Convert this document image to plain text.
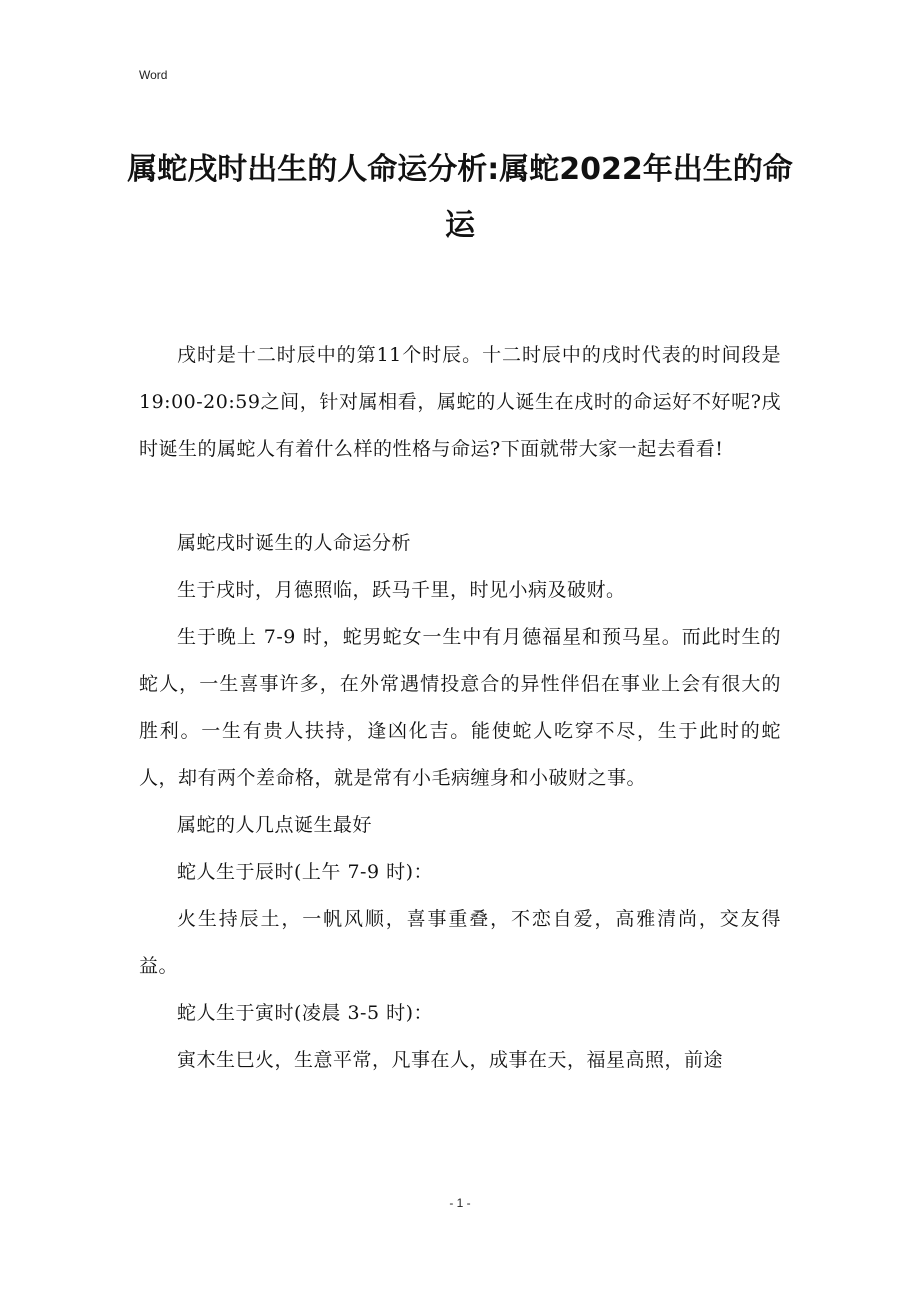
Word
属蛇戌时出生的人命运分析:属蛇2022年出生的命运

戌时是十二时辰中的第11个时辰。十二时辰中的戌时代表的时间段是19:00-20:59之间，针对属相看，属蛇的人诞生在戌时的命运好不好呢?戌时诞生的属蛇人有着什么样的性格与命运?下面就带大家一起去看看!

属蛇戌时诞生的人命运分析

生于戌时，月德照临，跃马千里，时见小病及破财。

生于晚上 7-9 时，蛇男蛇女一生中有月德福星和预马星。而此时生的蛇人，一生喜事许多，在外常遇情投意合的异性伴侣在事业上会有很大的胜利。一生有贵人扶持，逢凶化吉。能使蛇人吃穿不尽，生于此时的蛇人，却有两个差命格，就是常有小毛病缠身和小破财之事。

属蛇的人几点诞生最好

蛇人生于辰时(上午 7-9 时)：

火生持辰土，一帆风顺，喜事重叠，不恋自爱，高雅清尚，交友得益。

蛇人生于寅时(凌晨 3-5 时)：

寅木生巳火，生意平常，凡事在人，成事在天，福星高照，前途

- 1 -
